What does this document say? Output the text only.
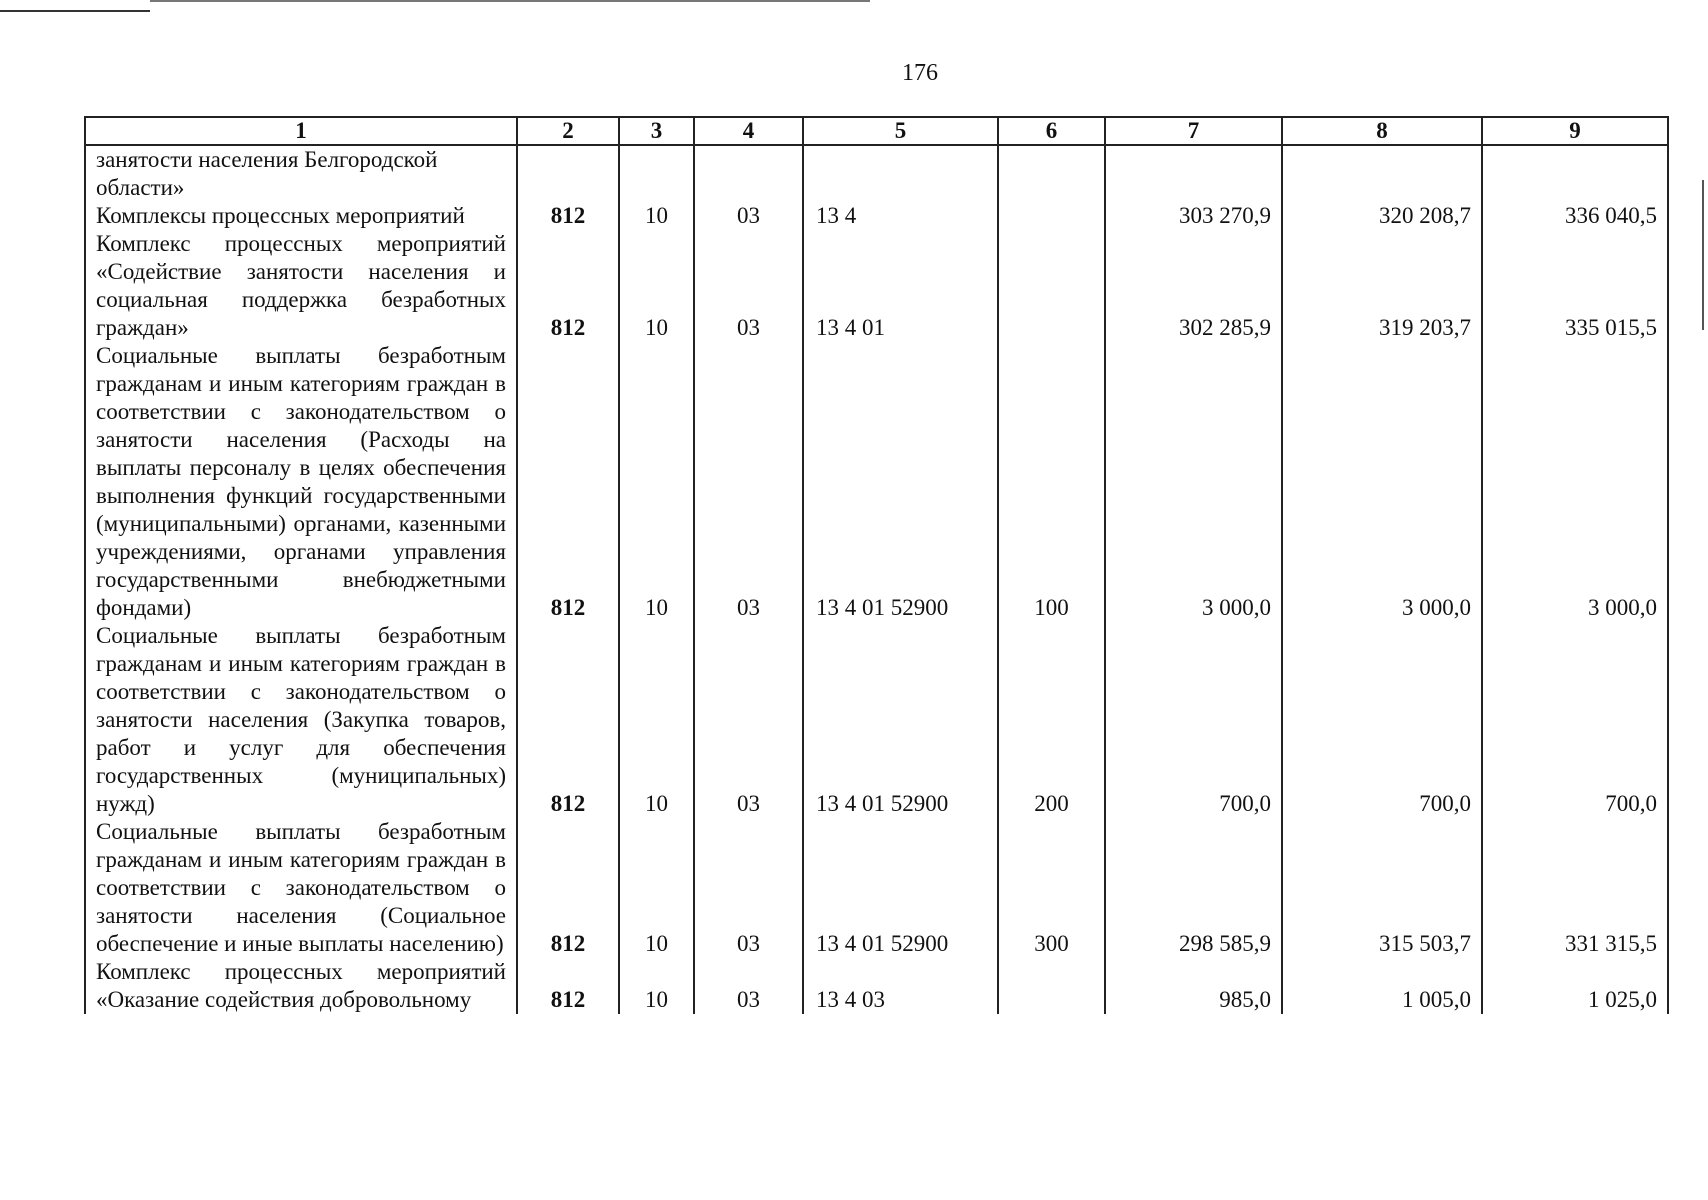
176
1	2	3	4	5	6	7	8	9
занятости населения Белгородской области»								
Комплексы процессных мероприятий	812	10	03	13 4		303 270,9	320 208,7	336 040,5
Комплекс процессных мероприятий «Содействие занятости населения и социальная поддержка безработных граждан»	812	10	03	13 4 01		302 285,9	319 203,7	335 015,5
Социальные выплаты безработным гражданам и иным категориям граждан в соответствии с законодательством о занятости населения (Расходы на выплаты персоналу в целях обеспечения выполнения функций государственными (муниципальными) органами, казенными учреждениями, органами управления государственными внебюджетными фондами)	812	10	03	13 4 01 52900	100	3 000,0	3 000,0	3 000,0
Социальные выплаты безработным гражданам и иным категориям граждан в соответствии с законодательством о занятости населения (Закупка товаров, работ и услуг для обеспечения государственных (муниципальных) нужд)	812	10	03	13 4 01 52900	200	700,0	700,0	700,0
Социальные выплаты безработным гражданам и иным категориям граждан в соответствии с законодательством о занятости населения (Социальное обеспечение и иные выплаты населению)	812	10	03	13 4 01 52900	300	298 585,9	315 503,7	331 315,5
Комплекс процессных мероприятий «Оказание содействия добровольному	812	10	03	13 4 03		985,0	1 005,0	1 025,0
